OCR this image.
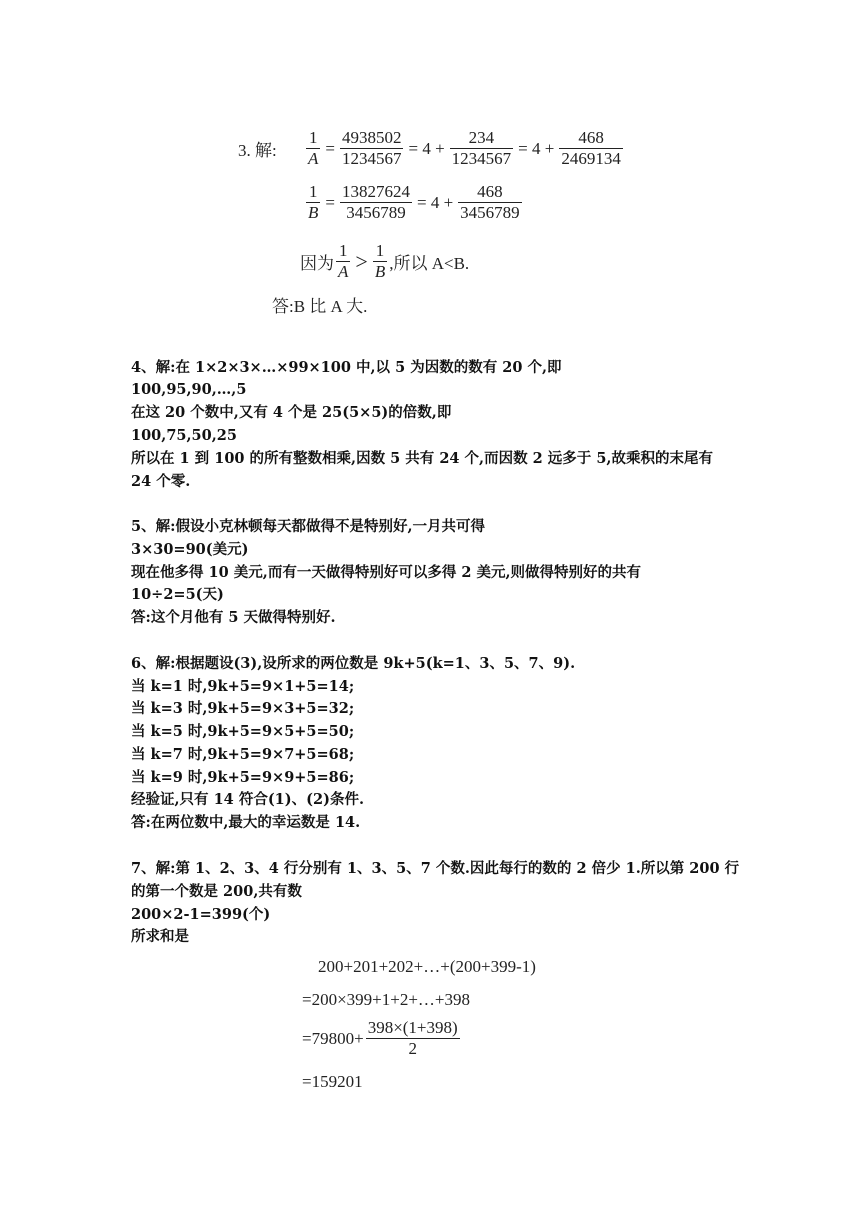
3. 解:	$\frac{1}{A} = \frac{4938502}{1234567} = 4 + \frac{234}{1234567} = 4 + \frac{468}{2469134}$
$\frac{1}{B} = \frac{13827624}{3456789} = 4 + \frac{468}{3456789}$
因为 $\frac{1}{A} > \frac{1}{B}$ ,所以 A<B.
答:B 比 A 大.
4、解:在 1×2×3×…×99×100 中,以 5 为因数的数有 20 个,即
100,95,90,…,5
在这 20 个数中,又有 4 个是 25(5×5)的倍数,即
100,75,50,25
所以在 1 到 100 的所有整数相乘,因数 5 共有 24 个,而因数 2 远多于 5,故乘积的末尾有
24 个零.
5、解:假设小克林顿每天都做得不是特别好,一月共可得
3×30=90(美元)
现在他多得 10 美元,而有一天做得特别好可以多得 2 美元,则做得特别好的共有
10÷2=5(天)
答:这个月他有 5 天做得特别好.
6、解:根据题设(3),设所求的两位数是 9k+5(k=1、3、5、7、9).
当 k=1 时,9k+5=9×1+5=14;
当 k=3 时,9k+5=9×3+5=32;
当 k=5 时,9k+5=9×5+5=50;
当 k=7 时,9k+5=9×7+5=68;
当 k=9 时,9k+5=9×9+5=86;
经验证,只有 14 符合(1)、(2)条件.
答:在两位数中,最大的幸运数是 14.
7、解:第 1、2、3、4 行分别有 1、3、5、7 个数.因此每行的数的 2 倍少 1.所以第 200 行
的第一个数是 200,共有数
200×2-1=399(个)
所求和是
200+201+202+…+(200+399-1)
=200×399+1+2+…+398
$=79800+ \frac{398\times(1+398)}{2}$
=159201
